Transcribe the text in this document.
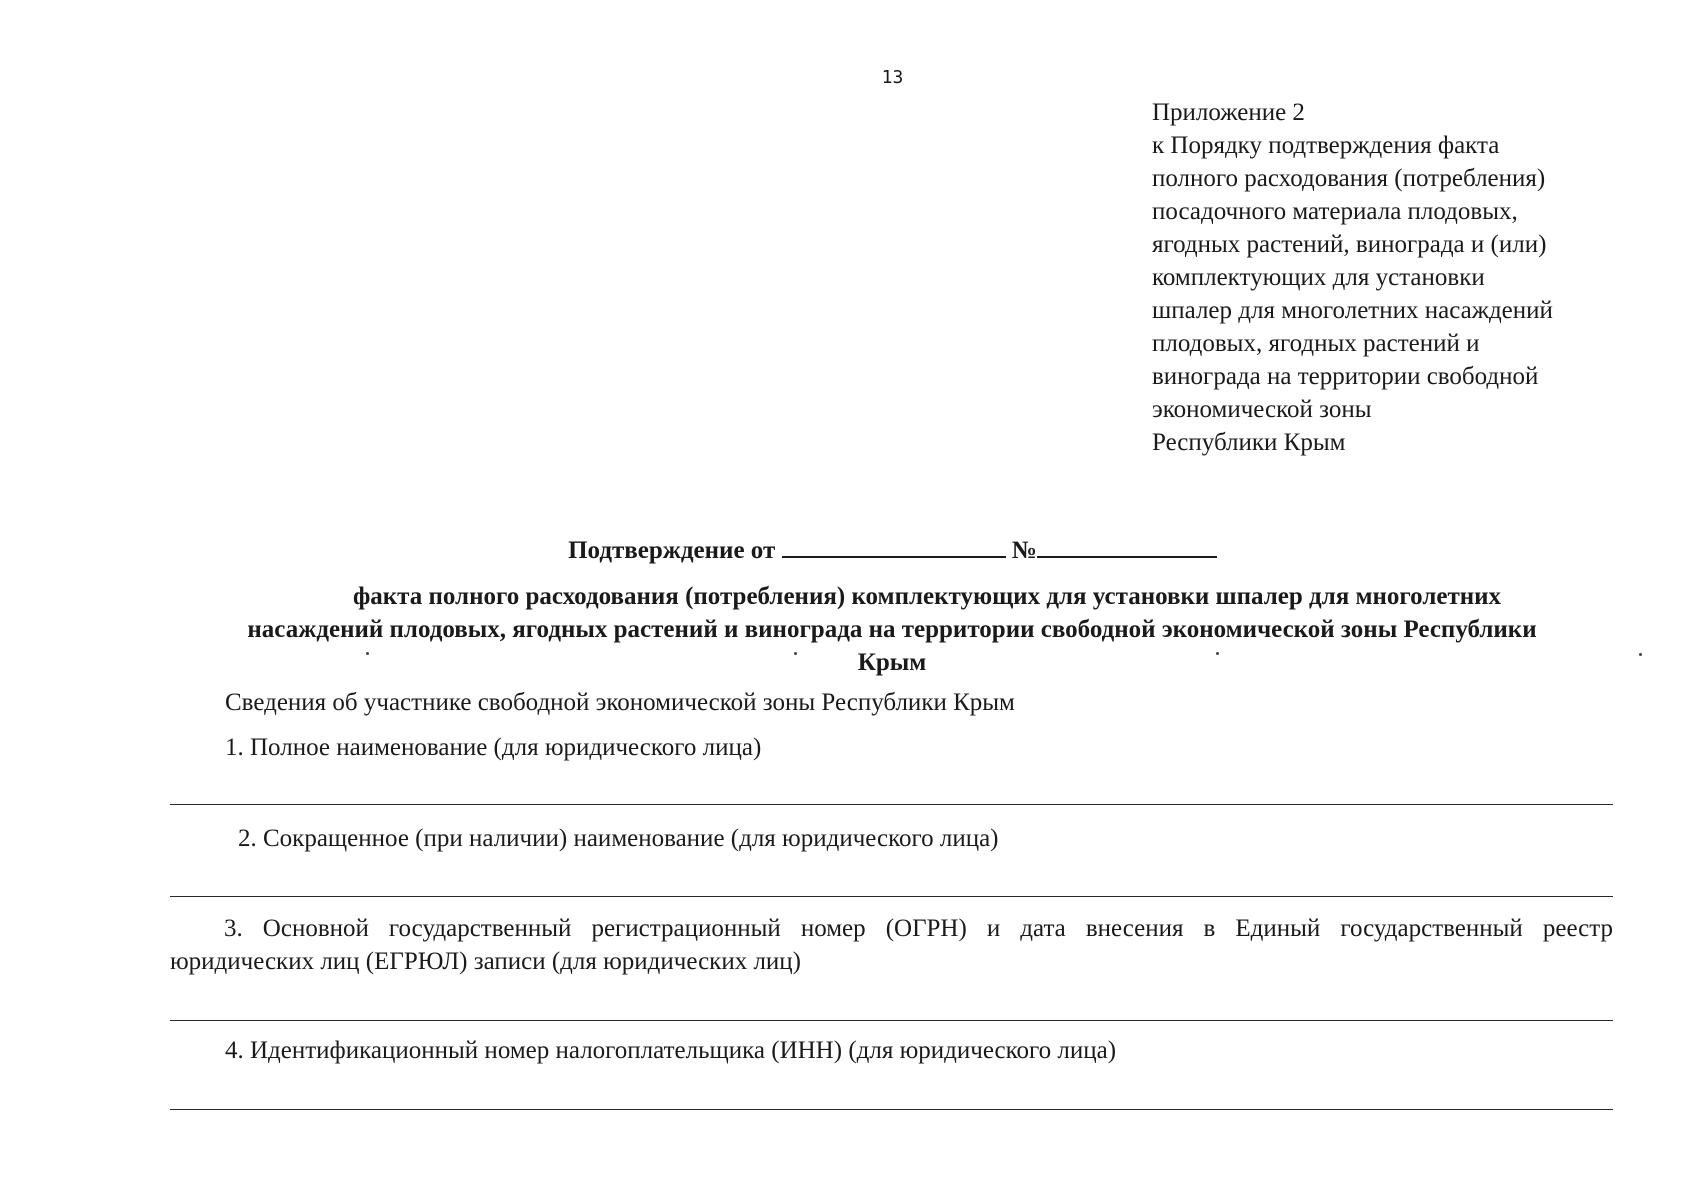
13
Приложение 2
к Порядку подтверждения факта
полного расходования (потребления)
посадочного материала плодовых,
ягодных растений, винограда и (или)
комплектующих для установки
шпалер для многолетних насаждений
плодовых, ягодных растений и
винограда на территории свободной
экономической зоны
Республики Крым
Подтверждение от	№
факта полного расходования (потребления) комплектующих для установки шпалер для многолетних
насаждений плодовых, ягодных растений и винограда на территории свободной экономической зоны Республики
Крым
Сведения об участнике свободной экономической зоны Республики Крым
1. Полное наименование (для юридического лица)
2. Сокращенное (при наличии) наименование (для юридического лица)
3. Основной государственный регистрационный номер (ОГРН) и дата внесения в Единый государственный реестр
юридических лиц (ЕГРЮЛ) записи (для юридических лиц)
4. Идентификационный номер налогоплательщика (ИНН) (для юридического лица)
